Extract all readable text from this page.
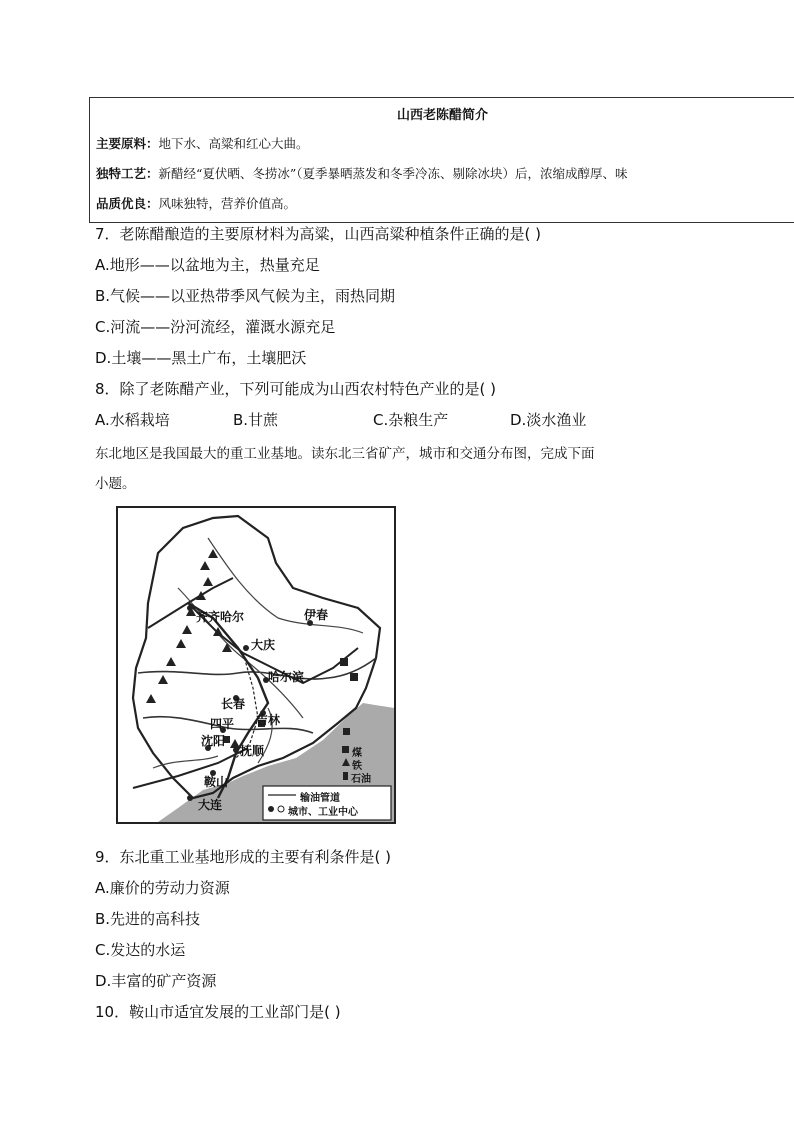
山西老陈醋简介
主要原料：地下水、高粱和红心大曲。
独特工艺：新醋经“夏伏晒、冬捞冰”（夏季暴晒蒸发和冬季冷冻、剔除冰块）后，浓缩成醇厚、味
品质优良：风味独特，营养价值高。
7．老陈醋酿造的主要原材料为高粱，山西高粱种植条件正确的是( )
A.地形——以盆地为主，热量充足
B.气候——以亚热带季风气候为主，雨热同期
C.河流——汾河流经，灌溉水源充足
D.土壤——黑土广布，土壤肥沃
8．除了老陈醋产业，下列可能成为山西农村特色产业的是( )
A.水稻栽培	B.甘蔗	C.杂粮生产	D.淡水渔业
东北地区是我国最大的重工业基地。读东北三省矿产，城市和交通分布图，完成下面
小题。
齐齐哈尔	伊春
大庆
哈尔滨
长春
吉林
四平
沈阳
抚顺
鞍山
大连
煤
铁
石油
输油管道
城市、工业中心
9．东北重工业基地形成的主要有利条件是( )
A.廉价的劳动力资源
B.先进的高科技
C.发达的水运
D.丰富的矿产资源
10．鞍山市适宜发展的工业部门是( )
